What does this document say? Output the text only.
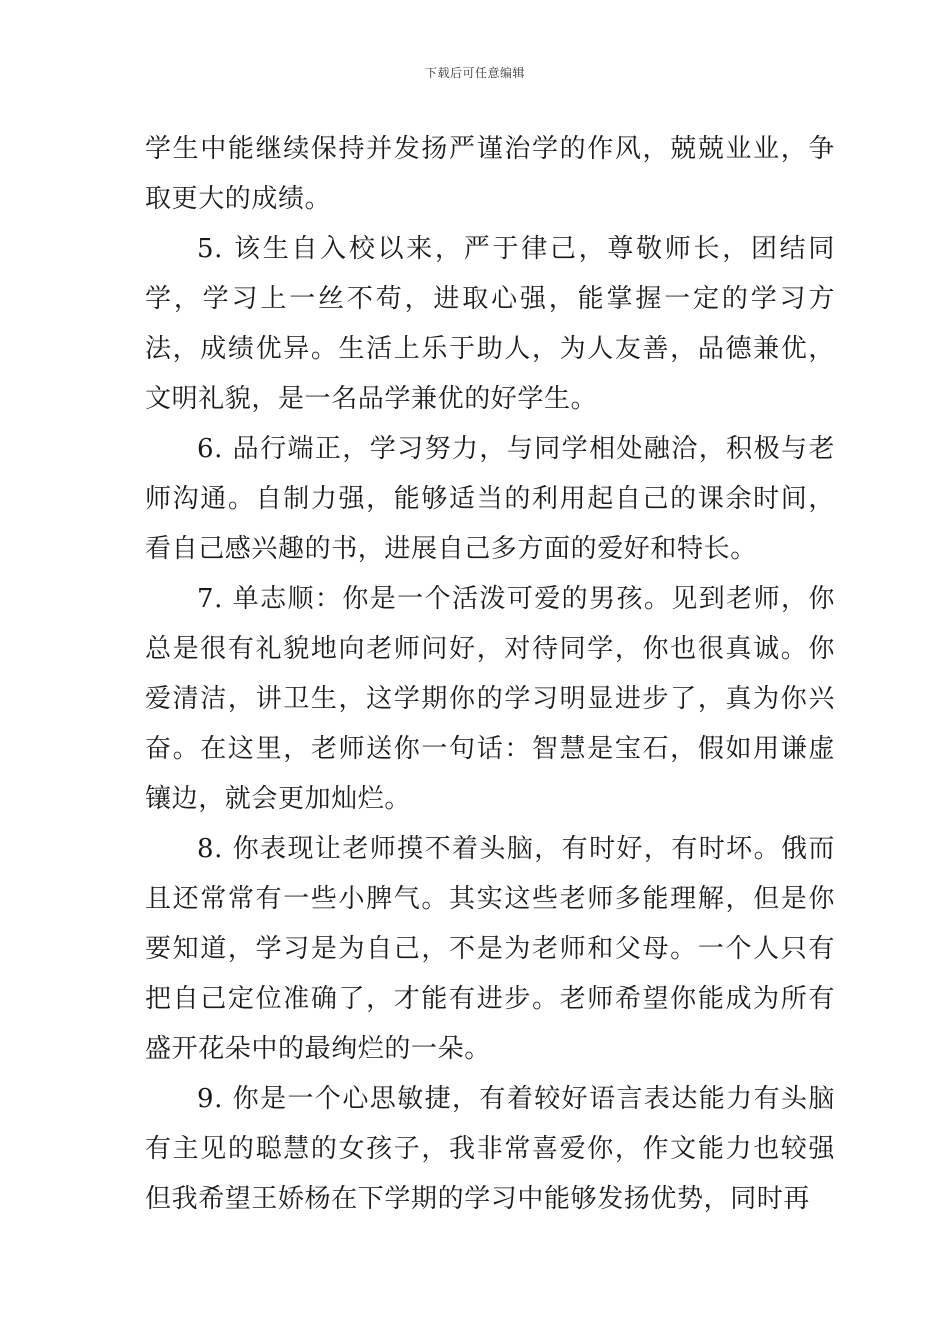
下载后可任意编辑

学生中能继续保持并发扬严谨治学的作风，兢兢业业，争取更大的成绩。

5. 该生自入校以来，严于律己，尊敬师长，团结同学，学习上一丝不苟，进取心强，能掌握一定的学习方法，成绩优异。生活上乐于助人，为人友善，品德兼优，文明礼貌，是一名品学兼优的好学生。

6. 品行端正，学习努力，与同学相处融洽，积极与老师沟通。自制力强，能够适当的利用起自己的课余时间，看自己感兴趣的书，进展自己多方面的爱好和特长。

7. 单志顺：你是一个活泼可爱的男孩。见到老师，你总是很有礼貌地向老师问好，对待同学，你也很真诚。你爱清洁，讲卫生，这学期你的学习明显进步了，真为你兴奋。在这里，老师送你一句话：智慧是宝石，假如用谦虚镶边，就会更加灿烂。

8. 你表现让老师摸不着头脑，有时好，有时坏。俄而且还常常有一些小脾气。其实这些老师多能理解，但是你要知道，学习是为自己，不是为老师和父母。一个人只有把自己定位准确了，才能有进步。老师希望你能成为所有盛开花朵中的最绚烂的一朵。

9. 你是一个心思敏捷，有着较好语言表达能力有头脑有主见的聪慧的女孩子，我非常喜爱你，作文能力也较强但我希望王娇杨在下学期的学习中能够发扬优势，同时再
